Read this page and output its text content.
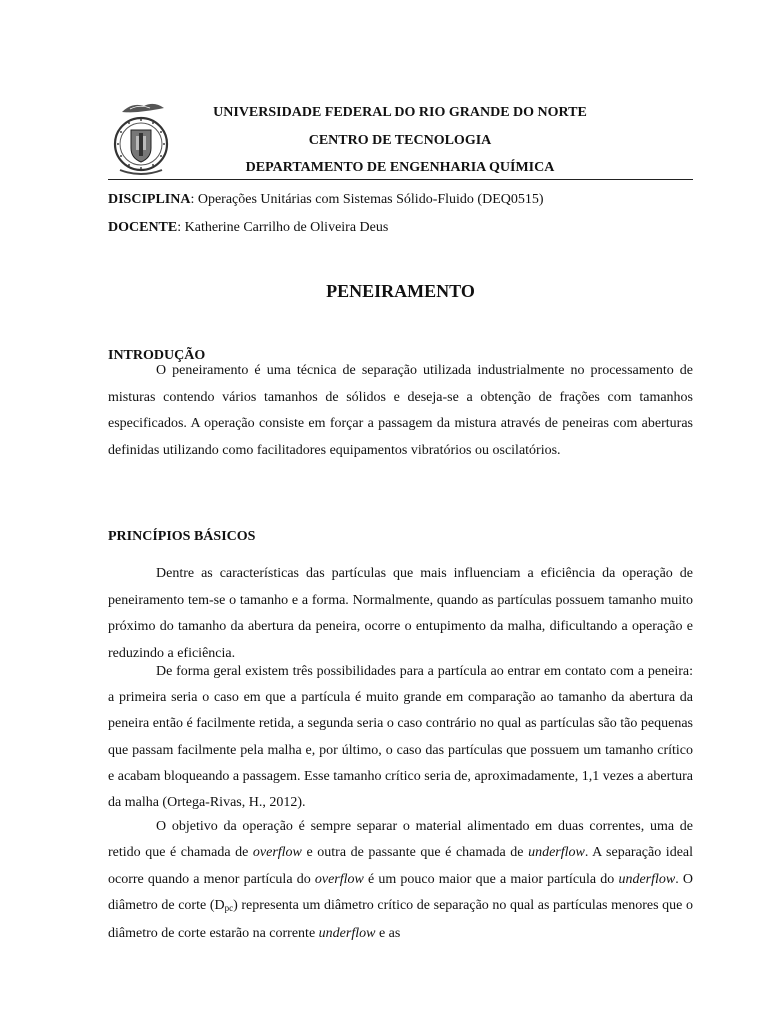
UNIVERSIDADE FEDERAL DO RIO GRANDE DO NORTE
CENTRO DE TECNOLOGIA
DEPARTAMENTO DE ENGENHARIA QUÍMICA
DISCIPLINA: Operações Unitárias com Sistemas Sólido-Fluido (DEQ0515)
DOCENTE: Katherine Carrilho de Oliveira Deus
PENEIRAMENTO
INTRODUÇÃO

O peneiramento é uma técnica de separação utilizada industrialmente no processamento de misturas contendo vários tamanhos de sólidos e deseja-se a obtenção de frações com tamanhos especificados. A operação consiste em forçar a passagem da mistura através de peneiras com aberturas definidas utilizando como facilitadores equipamentos vibratórios ou oscilatórios.

PRINCÍPIOS BÁSICOS

Dentre as características das partículas que mais influenciam a eficiência da operação de peneiramento tem-se o tamanho e a forma. Normalmente, quando as partículas possuem tamanho muito próximo do tamanho da abertura da peneira, ocorre o entupimento da malha, dificultando a operação e reduzindo a eficiência.

De forma geral existem três possibilidades para a partícula ao entrar em contato com a peneira: a primeira seria o caso em que a partícula é muito grande em comparação ao tamanho da abertura da peneira então é facilmente retida, a segunda seria o caso contrário no qual as partículas são tão pequenas que passam facilmente pela malha e, por último, o caso das partículas que possuem um tamanho crítico e acabam bloqueando a passagem. Esse tamanho crítico seria de, aproximadamente, 1,1 vezes a abertura da malha (Ortega-Rivas, H., 2012).

O objetivo da operação é sempre separar o material alimentado em duas correntes, uma de retido que é chamada de overflow e outra de passante que é chamada de underflow. A separação ideal ocorre quando a menor partícula do overflow é um pouco maior que a maior partícula do underflow. O diâmetro de corte $(D_{pc})$ representa um diâmetro crítico de separação no qual as partículas menores que o diâmetro de corte estarão na corrente underflow e as
